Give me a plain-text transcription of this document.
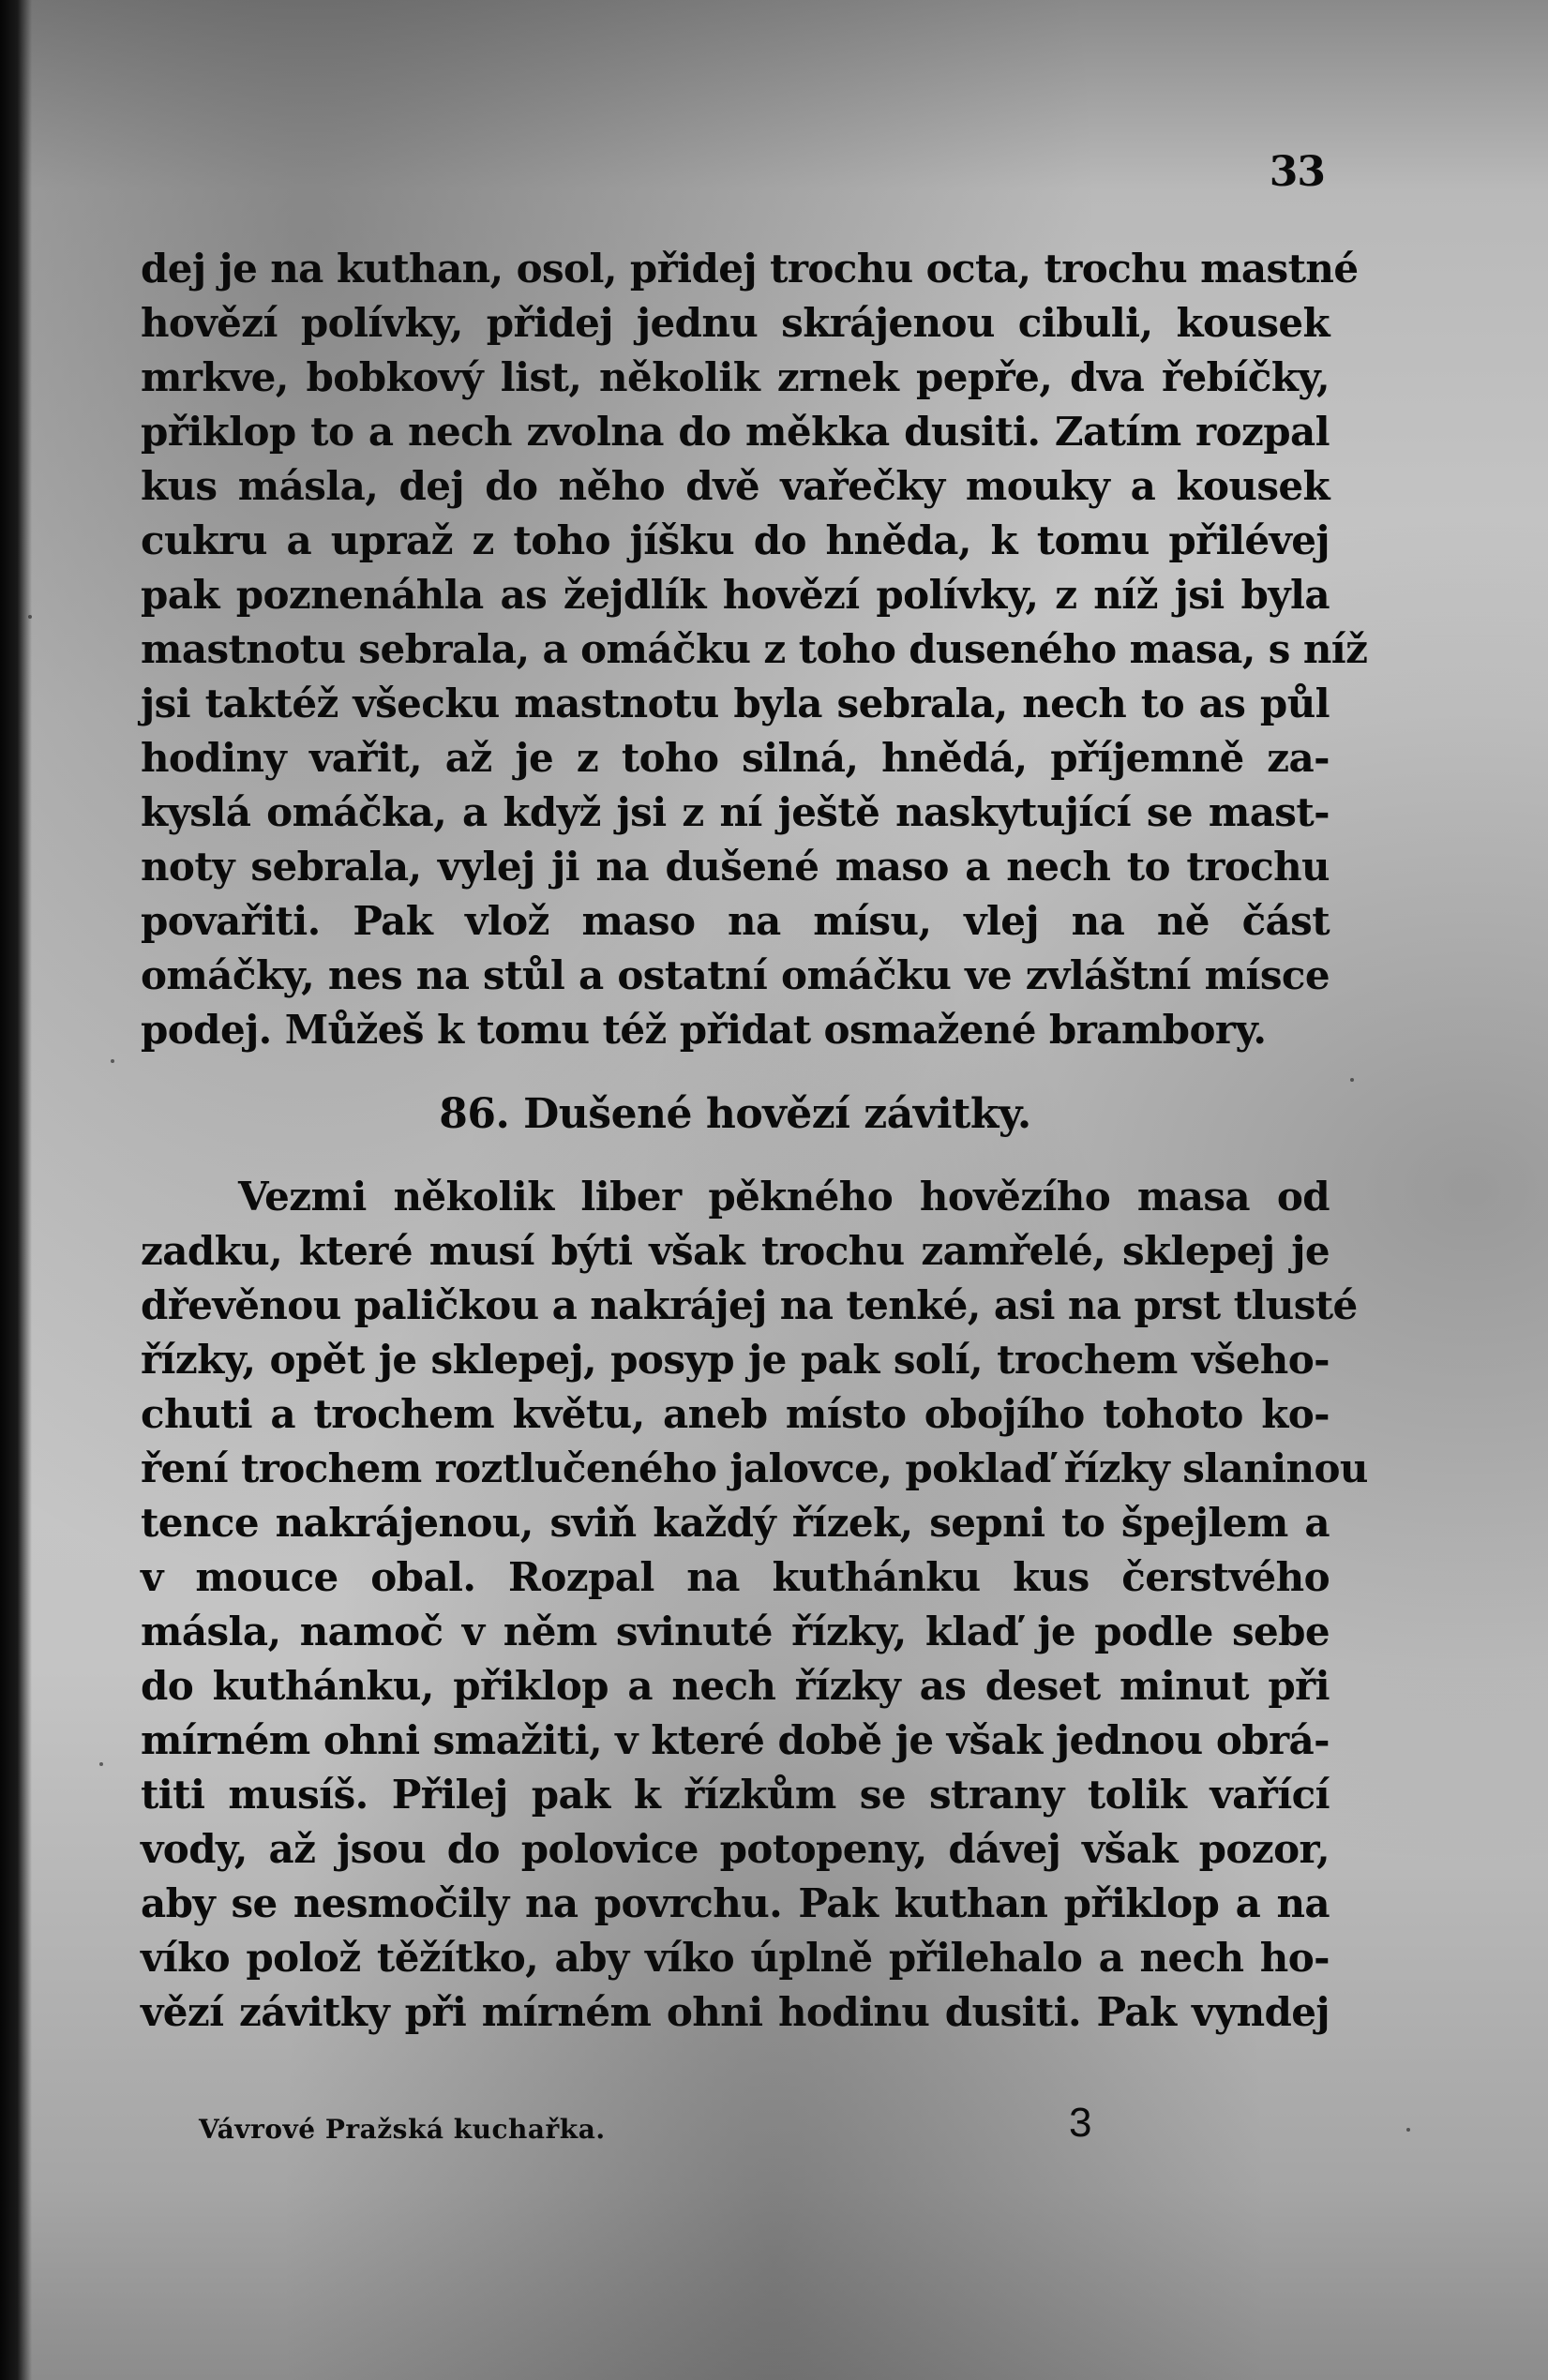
33
dej je na kuthan, osol, přidej trochu octa, trochu mastné
hovězí polívky, přidej jednu skrájenou cibuli, kousek
mrkve, bobkový list, několik zrnek pepře, dva řebíčky,
přiklop to a nech zvolna do měkka dusiti. Zatím rozpal
kus másla, dej do něho dvě vařečky mouky a kousek
cukru a upraž z toho jíšku do hněda, k tomu přilévej
pak poznenáhla as žejdlík hovězí polívky, z níž jsi byla
mastnotu sebrala, a omáčku z toho duseného masa, s níž
jsi taktéž všecku mastnotu byla sebrala, nech to as půl
hodiny vařit, až je z toho silná, hnědá, příjemně za-
kyslá omáčka, a když jsi z ní ještě naskytující se mast-
noty sebrala, vylej ji na dušené maso a nech to trochu
povařiti. Pak vlož maso na mísu, vlej na ně část
omáčky, nes na stůl a ostatní omáčku ve zvláštní mísce
podej. Můžeš k tomu též přidat osmažené brambory.
86. Dušené hovězí závitky.
Vezmi několik liber pěkného hovězího masa od
zadku, které musí býti však trochu zamřelé, sklepej je
dřevěnou paličkou a nakrájej na tenké, asi na prst tlusté
řízky, opět je sklepej, posyp je pak solí, trochem všeho-
chuti a trochem květu, aneb místo obojího tohoto ko-
ření trochem roztlučeného jalovce, poklaď řízky slaninou
tence nakrájenou, sviň každý řízek, sepni to špejlem a
v mouce obal. Rozpal na kuthánku kus čerstvého
másla, namoč v něm svinuté řízky, klaď je podle sebe
do kuthánku, přiklop a nech řízky as deset minut při
mírném ohni smažiti, v které době je však jednou obrá-
titi musíš. Přilej pak k řízkům se strany tolik vařící
vody, až jsou do polovice potopeny, dávej však pozor,
aby se nesmočily na povrchu. Pak kuthan přiklop a na
víko polož těžítko, aby víko úplně přilehalo a nech ho-
vězí závitky při mírném ohni hodinu dusiti. Pak vyndej
Vávrové Pražská kuchařka.	3
